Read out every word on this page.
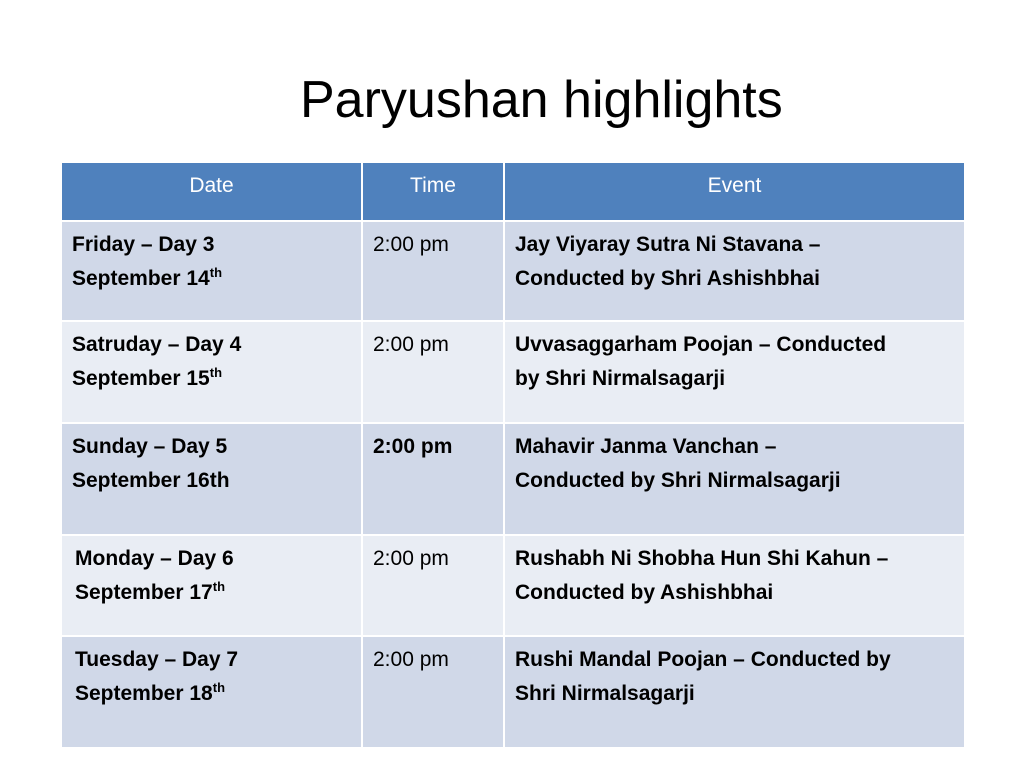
Paryushan highlights
Date	Time	Event

Friday – Day 3
September 14th	2:00 pm	Jay Viyaray Sutra Ni Stavana –
Conducted by Shri Ashishbhai

Satruday – Day 4
September 15th	2:00 pm	Uvvasaggarham Poojan – Conducted
by Shri Nirmalsagarji

Sunday – Day 5
September 16th	2:00 pm	Mahavir Janma Vanchan –
Conducted by Shri Nirmalsagarji

Monday – Day 6
September 17th	2:00 pm	Rushabh Ni Shobha Hun Shi Kahun –
Conducted by Ashishbhai

Tuesday – Day 7
September 18th	2:00 pm	Rushi Mandal Poojan – Conducted by
Shri Nirmalsagarji
